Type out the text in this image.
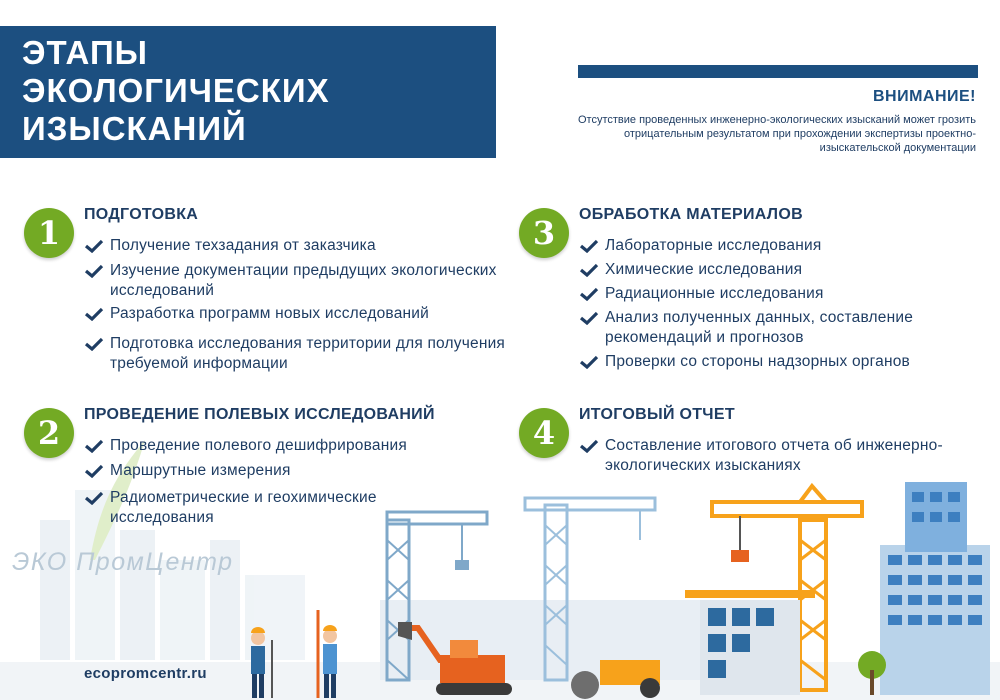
ЭТАПЫ
ЭКОЛОГИЧЕСКИХ
ИЗЫСКАНИЙ
ВНИМАНИЕ!
Отсутствие проведенных инженерно-экологических изысканий может грозить отрицательным результатом при прохождении экспертизы проектно-изыскательской документации
1	ПОДГОТОВКА
Получение техзадания от заказчика
Изучение документации предыдущих экологических исследований
Разработка программ новых исследований
Подготовка исследования территории для получения требуемой информации
2	ПРОВЕДЕНИЕ ПОЛЕВЫХ ИССЛЕДОВАНИЙ
Проведение полевого дешифрирования
Маршрутные измерения
Радиометрические и геохимические исследования
3	ОБРАБОТКА МАТЕРИАЛОВ
Лабораторные исследования
Химические исследования
Радиационные исследования
Анализ полученных данных, составление рекомендаций и прогнозов
Проверки со стороны надзорных органов
4	ИТОГОВЫЙ ОТЧЕТ
Составление итогового отчета об инженерно-экологических изысканиях
ЭКО ПромЦентр
ecopromcentr.ru
